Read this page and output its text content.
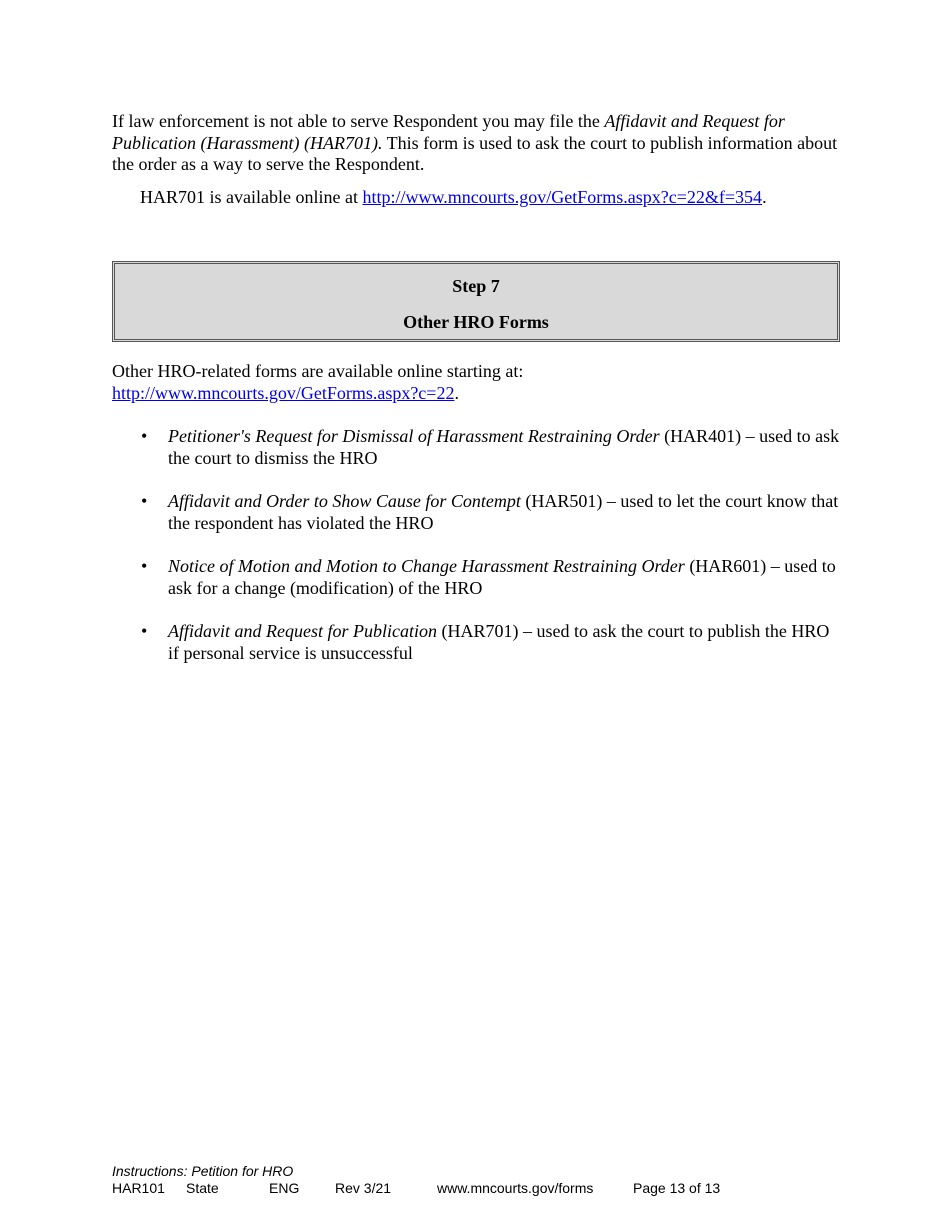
If law enforcement is not able to serve Respondent you may file the Affidavit and Request for Publication (Harassment) (HAR701). This form is used to ask the court to publish information about the order as a way to serve the Respondent.

HAR701 is available online at http://www.mncourts.gov/GetForms.aspx?c=22&f=354.

Step 7
Other HRO Forms

Other HRO-related forms are available online starting at:
http://www.mncourts.gov/GetForms.aspx?c=22.

• Petitioner's Request for Dismissal of Harassment Restraining Order (HAR401) – used to ask the court to dismiss the HRO
• Affidavit and Order to Show Cause for Contempt (HAR501) – used to let the court know that the respondent has violated the HRO
• Notice of Motion and Motion to Change Harassment Restraining Order (HAR601) – used to ask for a change (modification) of the HRO
• Affidavit and Request for Publication (HAR701) – used to ask the court to publish the HRO if personal service is unsuccessful
Instructions: Petition for HRO
HAR101 State	ENG	Rev 3/21	www.mncourts.gov/forms	Page 13 of 13
